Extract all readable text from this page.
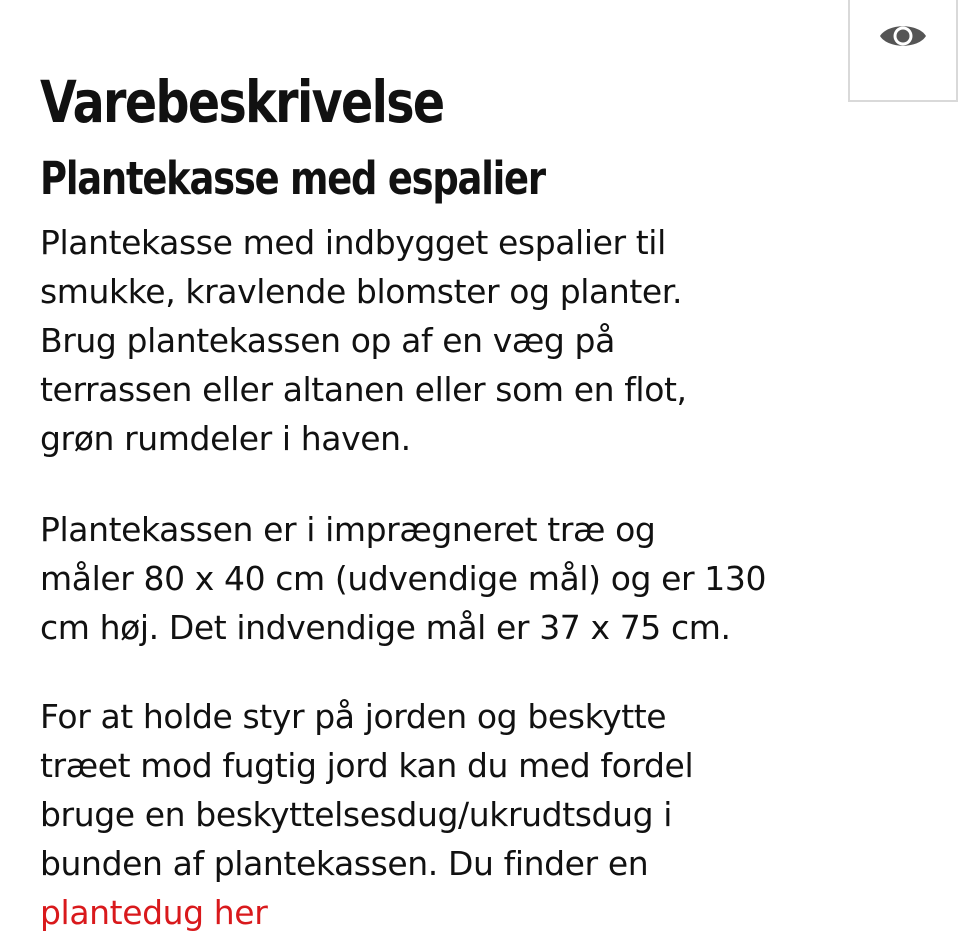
Varebeskrivelse
Plantekasse med espalier

Plantekasse med indbygget espalier til
smukke, kravlende blomster og planter.
Brug plantekassen op af en væg på
terrassen eller altanen eller som en flot,
grøn rumdeler i haven.

Plantekassen er i imprægneret træ og
måler 80 x 40 cm (udvendige mål) og er 130
cm høj. Det indvendige mål er 37 x 75 cm.

For at holde styr på jorden og beskytte
træet mod fugtig jord kan du med fordel
bruge en beskyttelsesdug/ukrudtsdug i
bunden af plantekassen. Du finder en
plantedug her
